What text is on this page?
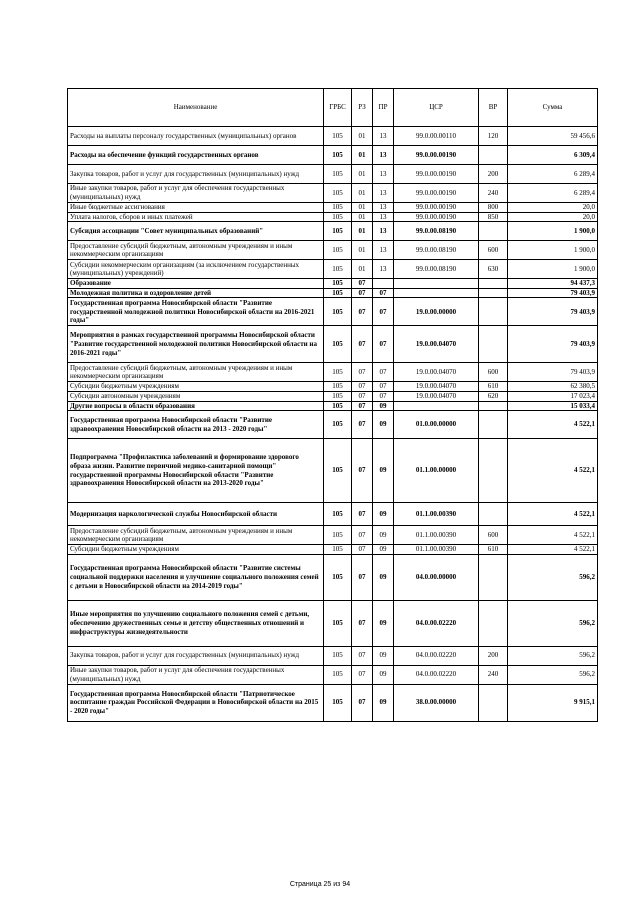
Наименование	ГРБС	РЗ	ПР	ЦСР	ВР	Сумма
Расходы на выплаты персоналу государственных (муниципальных) органов	105	01	13	99.0.00.00110	120	59 456,6
Расходы на обеспечение функций государственных органов	105	01	13	99.0.00.00190		6 309,4
Закупка товаров, работ и услуг для государственных (муниципальных) нужд	105	01	13	99.0.00.00190	200	6 289,4
Иные закупки товаров, работ и услуг для обеспечения государственных (муниципальных) нужд	105	01	13	99.0.00.00190	240	6 289,4
Иные бюджетные ассигнования	105	01	13	99.0.00.00190	800	20,0
Уплата налогов, сборов и иных платежей	105	01	13	99.0.00.00190	850	20,0
Субсидия ассоциации "Совет муниципальных образований"	105	01	13	99.0.00.08190		1 900,0
Предоставление субсидий бюджетным, автономным учреждениям и иным некоммерческим организациям	105	01	13	99.0.00.08190	600	1 900,0
Субсидии некоммерческим организациям (за исключением государственных (муниципальных) учреждений)	105	01	13	99.0.00.08190	630	1 900,0
Образование	105	07				94 437,3
Молодежная политика и оздоровление детей	105	07	07			79 403,9
Государственная программа Новосибирской области "Развитие государственной молодежной политики Новосибирской области на 2016-2021 годы"	105	07	07	19.0.00.00000		79 403,9
Мероприятия в рамках государственной программы Новосибирской области "Развитие государственной молодежной политики Новосибирской области на 2016-2021 годы"	105	07	07	19.0.00.04070		79 403,9
Предоставление субсидий бюджетным, автономным учреждениям и иным некоммерческим организациям	105	07	07	19.0.00.04070	600	79 403,9
Субсидии бюджетным учреждениям	105	07	07	19.0.00.04070	610	62 380,5
Субсидии автономным учреждениям	105	07	07	19.0.00.04070	620	17 023,4
Другие вопросы в области образования	105	07	09			15 033,4
Государственная программа Новосибирской области "Развитие здравоохранения Новосибирской области на 2013 - 2020 годы"	105	07	09	01.0.00.00000		4 522,1
Подпрограмма "Профилактика заболеваний и формирование здорового образа жизни. Развитие первичной медико-санитарной помощи" государственной программы Новосибирской области "Развитие здравоохранения Новосибирской области на 2013-2020 годы"	105	07	09	01.1.00.00000		4 522,1
Модернизация наркологической службы Новосибирской области	105	07	09	01.1.00.00390		4 522,1
Предоставление субсидий бюджетным, автономным учреждениям и иным некоммерческим организациям	105	07	09	01.1.00.00390	600	4 522,1
Субсидии бюджетным учреждениям	105	07	09	01.1.00.00390	610	4 522,1
Государственная программа Новосибирской области "Развитие системы социальной поддержки населения и улучшение социального положения семей с детьми в Новосибирской области на 2014-2019 годы"	105	07	09	04.0.00.00000		596,2
Иные мероприятия по улучшению социального положения семей с детьми, обеспечению дружественных семье и детству общественных отношений и инфраструктуры жизнедеятельности	105	07	09	04.0.00.02220		596,2
Закупка товаров, работ и услуг для государственных (муниципальных) нужд	105	07	09	04.0.00.02220	200	596,2
Иные закупки товаров, работ и услуг для обеспечения государственных (муниципальных) нужд	105	07	09	04.0.00.02220	240	596,2
Государственная программа Новосибирской области "Патриотическое воспитание граждан Российской Федерации в Новосибирской области на 2015 - 2020 годы"	105	07	09	38.0.00.00000		9 915,1
Страница 25 из 94
